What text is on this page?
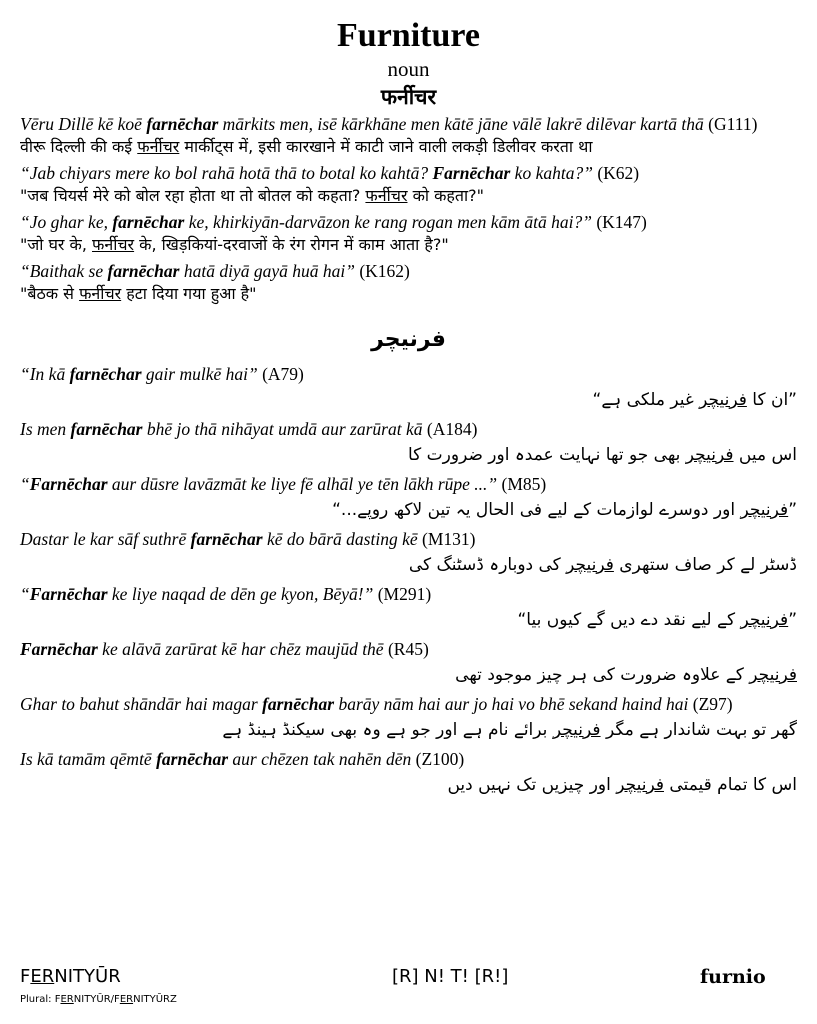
Furniture

noun

फर्नीचर

Vēru Dillē kē koē farnēchar mārkits men, isē kārkhāne men kātē jāne vālē lakrē dilēvar kartā thā (G111)
वीरू दिल्ली की कई फर्नीचर मार्कीट्स में, इसी कारखाने में काटी जाने वाली लकड़ी डिलीवर करता था
“Jab chiyars mere ko bol rahā hotā thā to botal ko kahtā? Farnēchar ko kahta?” (K62)
"जब चियर्स मेरे को बोल रहा होता था तो बोतल को कहता? फर्नीचर को कहता?"
“Jo ghar ke, farnēchar ke, khirkiyān-darvāzon ke rang rogan men kām ātā hai?” (K147)
"जो घर के, फर्नीचर के, खिड़कियां-दरवाजों के रंग रोगन में काम आता है?"
“Baithak se farnēchar hatā diyā gayā huā hai” (K162)
"बैठक से फर्नीचर हटा दिया गया हुआ है"
فرنیچر
“In kā farnēchar gair mulkē hai” (A79)
”ان کا فرنیچر غیر ملکی ہے“
Is men farnēchar bhē jo thā nihāyat umdā aur zarūrat kā (A184)
اس میں فرنیچر بھی جو تھا نہایت عمدہ اور ضرورت کا
“Farnēchar aur dūsre lavāzmāt ke liye fē alhāl ye tēn lākh rūpe ...” (M85)
”فرنیچر اور دوسرے لوازمات کے لیے فی الحال یہ تین لاکھ روپے...“
Dastar le kar sāf suthrē farnēchar kē do bārā dasting kē (M131)
ڈسٹر لے کر صاف ستھری فرنیچر کی دوبارہ ڈسٹنگ کی
“Farnēchar ke liye naqad de dēn ge kyon, Bēyā!” (M291)
”فرنیچر کے لیے نقد دے دیں گے کیوں بیا“
Farnēchar ke alāvā zarūrat kē har chēz maujūd thē (R45)
فرنیچر کے علاوہ ضرورت کی ہر چیز موجود تھی
Ghar to bahut shāndār hai magar farnēchar barāy nām hai aur jo hai vo bhē sekand haind hai (Z97)
گھر تو بہت شاندار ہے مگر فرنیچر برائے نام ہے اور جو ہے وہ بھی سیکنڈ ہینڈ ہے
Is kā tamām qēmtē farnēchar aur chēzen tak nahēn dēn (Z100)
اس کا تمام قیمتی فرنیچر اور چیزیں تک نہیں دیں
FERNITYŪR
Plural: FERNITYŪR/FERNITYŪRZ
[R] N! T! [R!]	furnio
